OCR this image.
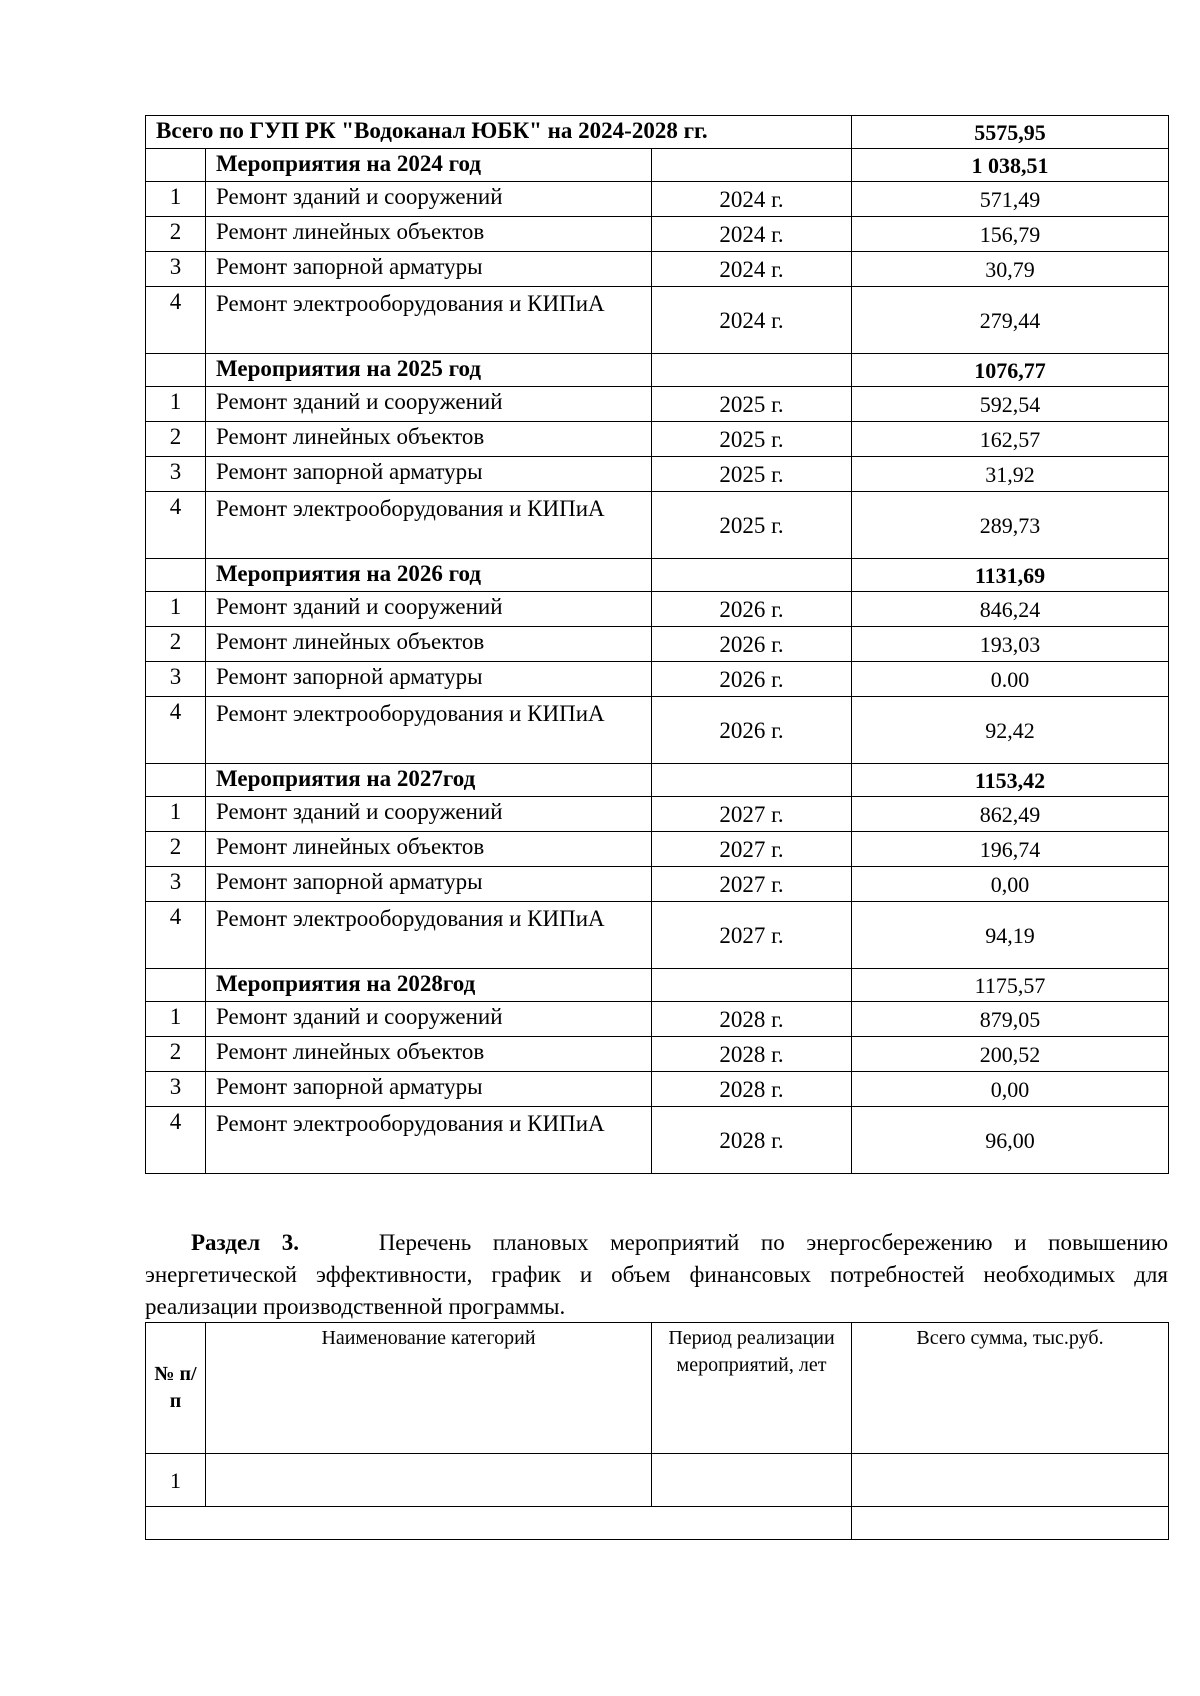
Всего по ГУП РК "Водоканал ЮБК" на 2024-2028 гг.			5575,95
	Мероприятия на 2024 год		1 038,51
1	Ремонт зданий и сооружений	2024 г.	571,49
2	Ремонт линейных объектов	2024 г.	156,79
3	Ремонт запорной арматуры	2024 г.	30,79
4	Ремонт электрооборудования и КИПиА	2024 г.	279,44
	Мероприятия на 2025 год		1076,77
1	Ремонт зданий и сооружений	2025 г.	592,54
2	Ремонт линейных объектов	2025 г.	162,57
3	Ремонт запорной арматуры	2025 г.	31,92
4	Ремонт электрооборудования и КИПиА	2025 г.	289,73
	Мероприятия на 2026 год		1131,69
1	Ремонт зданий и сооружений	2026 г.	846,24
2	Ремонт линейных объектов	2026 г.	193,03
3	Ремонт запорной арматуры	2026 г.	0.00
4	Ремонт электрооборудования и КИПиА	2026 г.	92,42
	Мероприятия на 2027год		1153,42
1	Ремонт зданий и сооружений	2027 г.	862,49
2	Ремонт линейных объектов	2027 г.	196,74
3	Ремонт запорной арматуры	2027 г.	0,00
4	Ремонт электрооборудования и КИПиА	2027 г.	94,19
	Мероприятия на 2028год		1175,57
1	Ремонт зданий и сооружений	2028 г.	879,05
2	Ремонт линейных объектов	2028 г.	200,52
3	Ремонт запорной арматуры	2028 г.	0,00
4	Ремонт электрооборудования и КИПиА	2028 г.	96,00
Раздел 3.	Перечень плановых мероприятий по энергосбережению и повышению энергетической эффективности, график и объем финансовых потребностей необходимых для реализации производственной программы.
№ п/п	Наименование категорий	Период реализации мероприятий, лет	Всего сумма, тыс.руб.
1			
